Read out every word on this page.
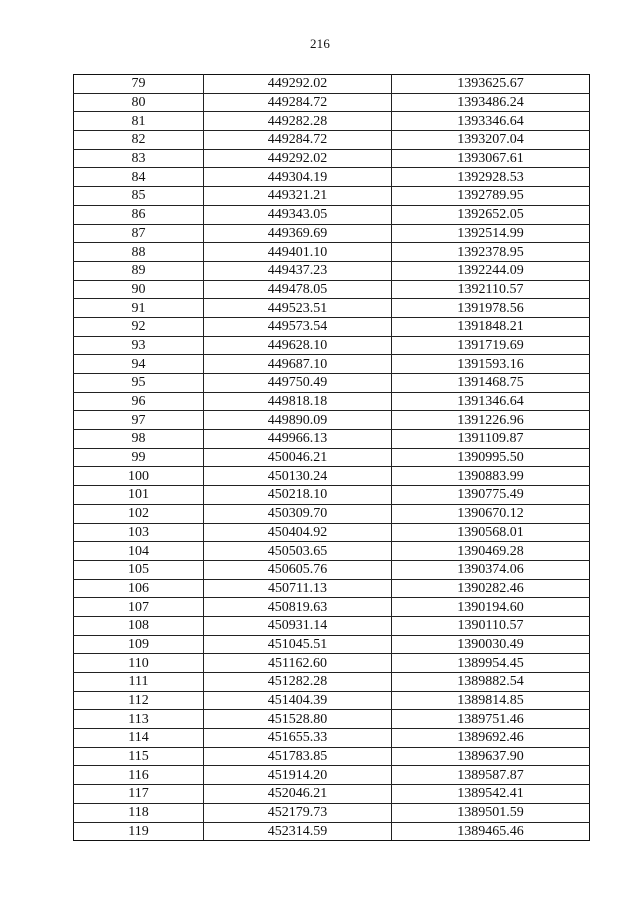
216
79	449292.02	1393625.67
80	449284.72	1393486.24
81	449282.28	1393346.64
82	449284.72	1393207.04
83	449292.02	1393067.61
84	449304.19	1392928.53
85	449321.21	1392789.95
86	449343.05	1392652.05
87	449369.69	1392514.99
88	449401.10	1392378.95
89	449437.23	1392244.09
90	449478.05	1392110.57
91	449523.51	1391978.56
92	449573.54	1391848.21
93	449628.10	1391719.69
94	449687.10	1391593.16
95	449750.49	1391468.75
96	449818.18	1391346.64
97	449890.09	1391226.96
98	449966.13	1391109.87
99	450046.21	1390995.50
100	450130.24	1390883.99
101	450218.10	1390775.49
102	450309.70	1390670.12
103	450404.92	1390568.01
104	450503.65	1390469.28
105	450605.76	1390374.06
106	450711.13	1390282.46
107	450819.63	1390194.60
108	450931.14	1390110.57
109	451045.51	1390030.49
110	451162.60	1389954.45
111	451282.28	1389882.54
112	451404.39	1389814.85
113	451528.80	1389751.46
114	451655.33	1389692.46
115	451783.85	1389637.90
116	451914.20	1389587.87
117	452046.21	1389542.41
118	452179.73	1389501.59
119	452314.59	1389465.46
